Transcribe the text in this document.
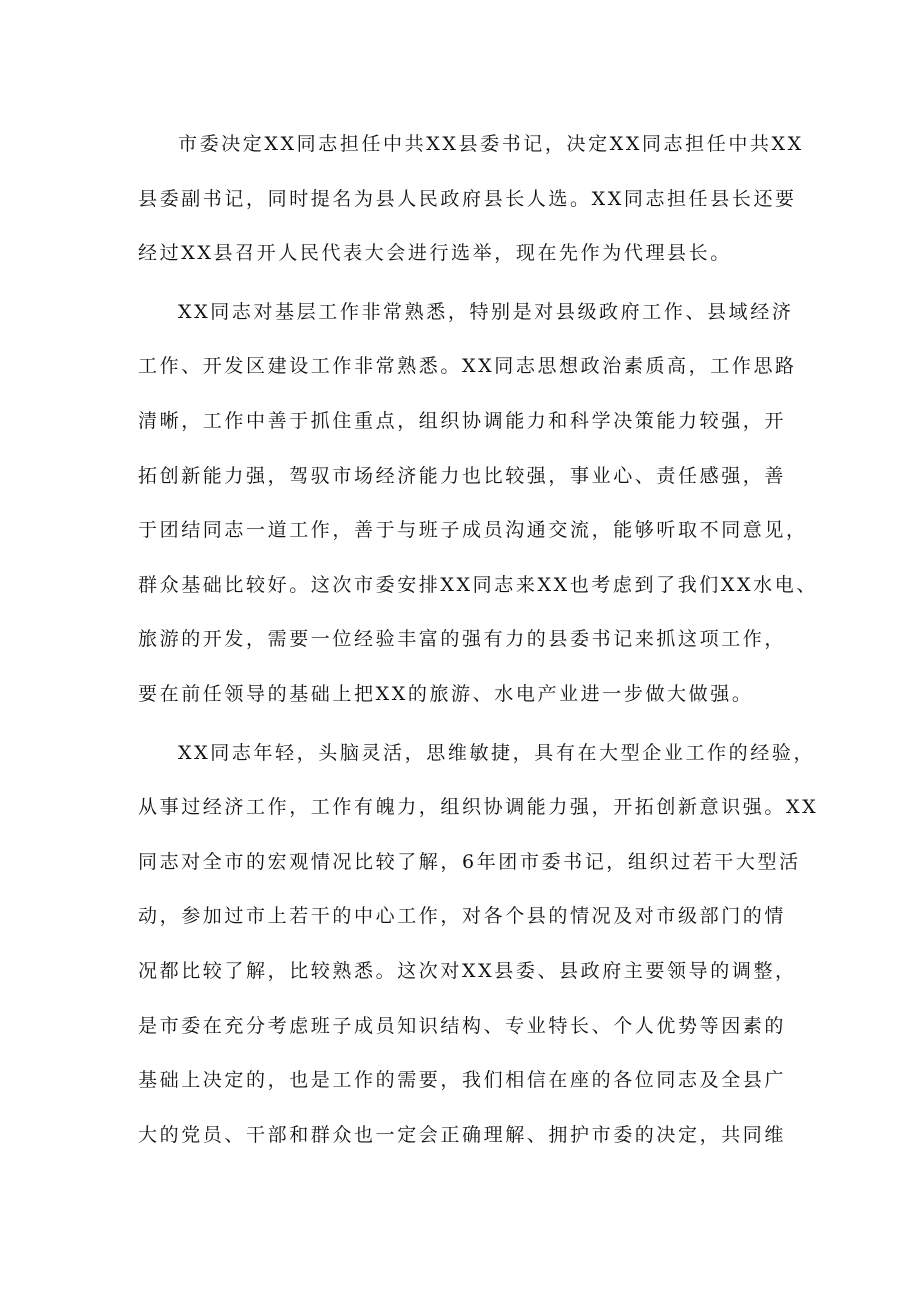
市委决定XX同志担任中共XX县委书记，决定XX同志担任中共XX
县委副书记，同时提名为县人民政府县长人选。XX同志担任县长还要
经过XX县召开人民代表大会进行选举，现在先作为代理县长。
XX同志对基层工作非常熟悉，特别是对县级政府工作、县域经济
工作、开发区建设工作非常熟悉。XX同志思想政治素质高，工作思路
清晰，工作中善于抓住重点，组织协调能力和科学决策能力较强，开
拓创新能力强，驾驭市场经济能力也比较强，事业心、责任感强，善
于团结同志一道工作，善于与班子成员沟通交流，能够听取不同意见，
群众基础比较好。这次市委安排XX同志来XX也考虑到了我们XX水电、
旅游的开发，需要一位经验丰富的强有力的县委书记来抓这项工作，
要在前任领导的基础上把XX的旅游、水电产业进一步做大做强。
XX同志年轻，头脑灵活，思维敏捷，具有在大型企业工作的经验，
从事过经济工作，工作有魄力，组织协调能力强，开拓创新意识强。XX
同志对全市的宏观情况比较了解，6年团市委书记，组织过若干大型活
动，参加过市上若干的中心工作，对各个县的情况及对市级部门的情
况都比较了解，比较熟悉。这次对XX县委、县政府主要领导的调整，
是市委在充分考虑班子成员知识结构、专业特长、个人优势等因素的
基础上决定的，也是工作的需要，我们相信在座的各位同志及全县广
大的党员、干部和群众也一定会正确理解、拥护市委的决定，共同维
